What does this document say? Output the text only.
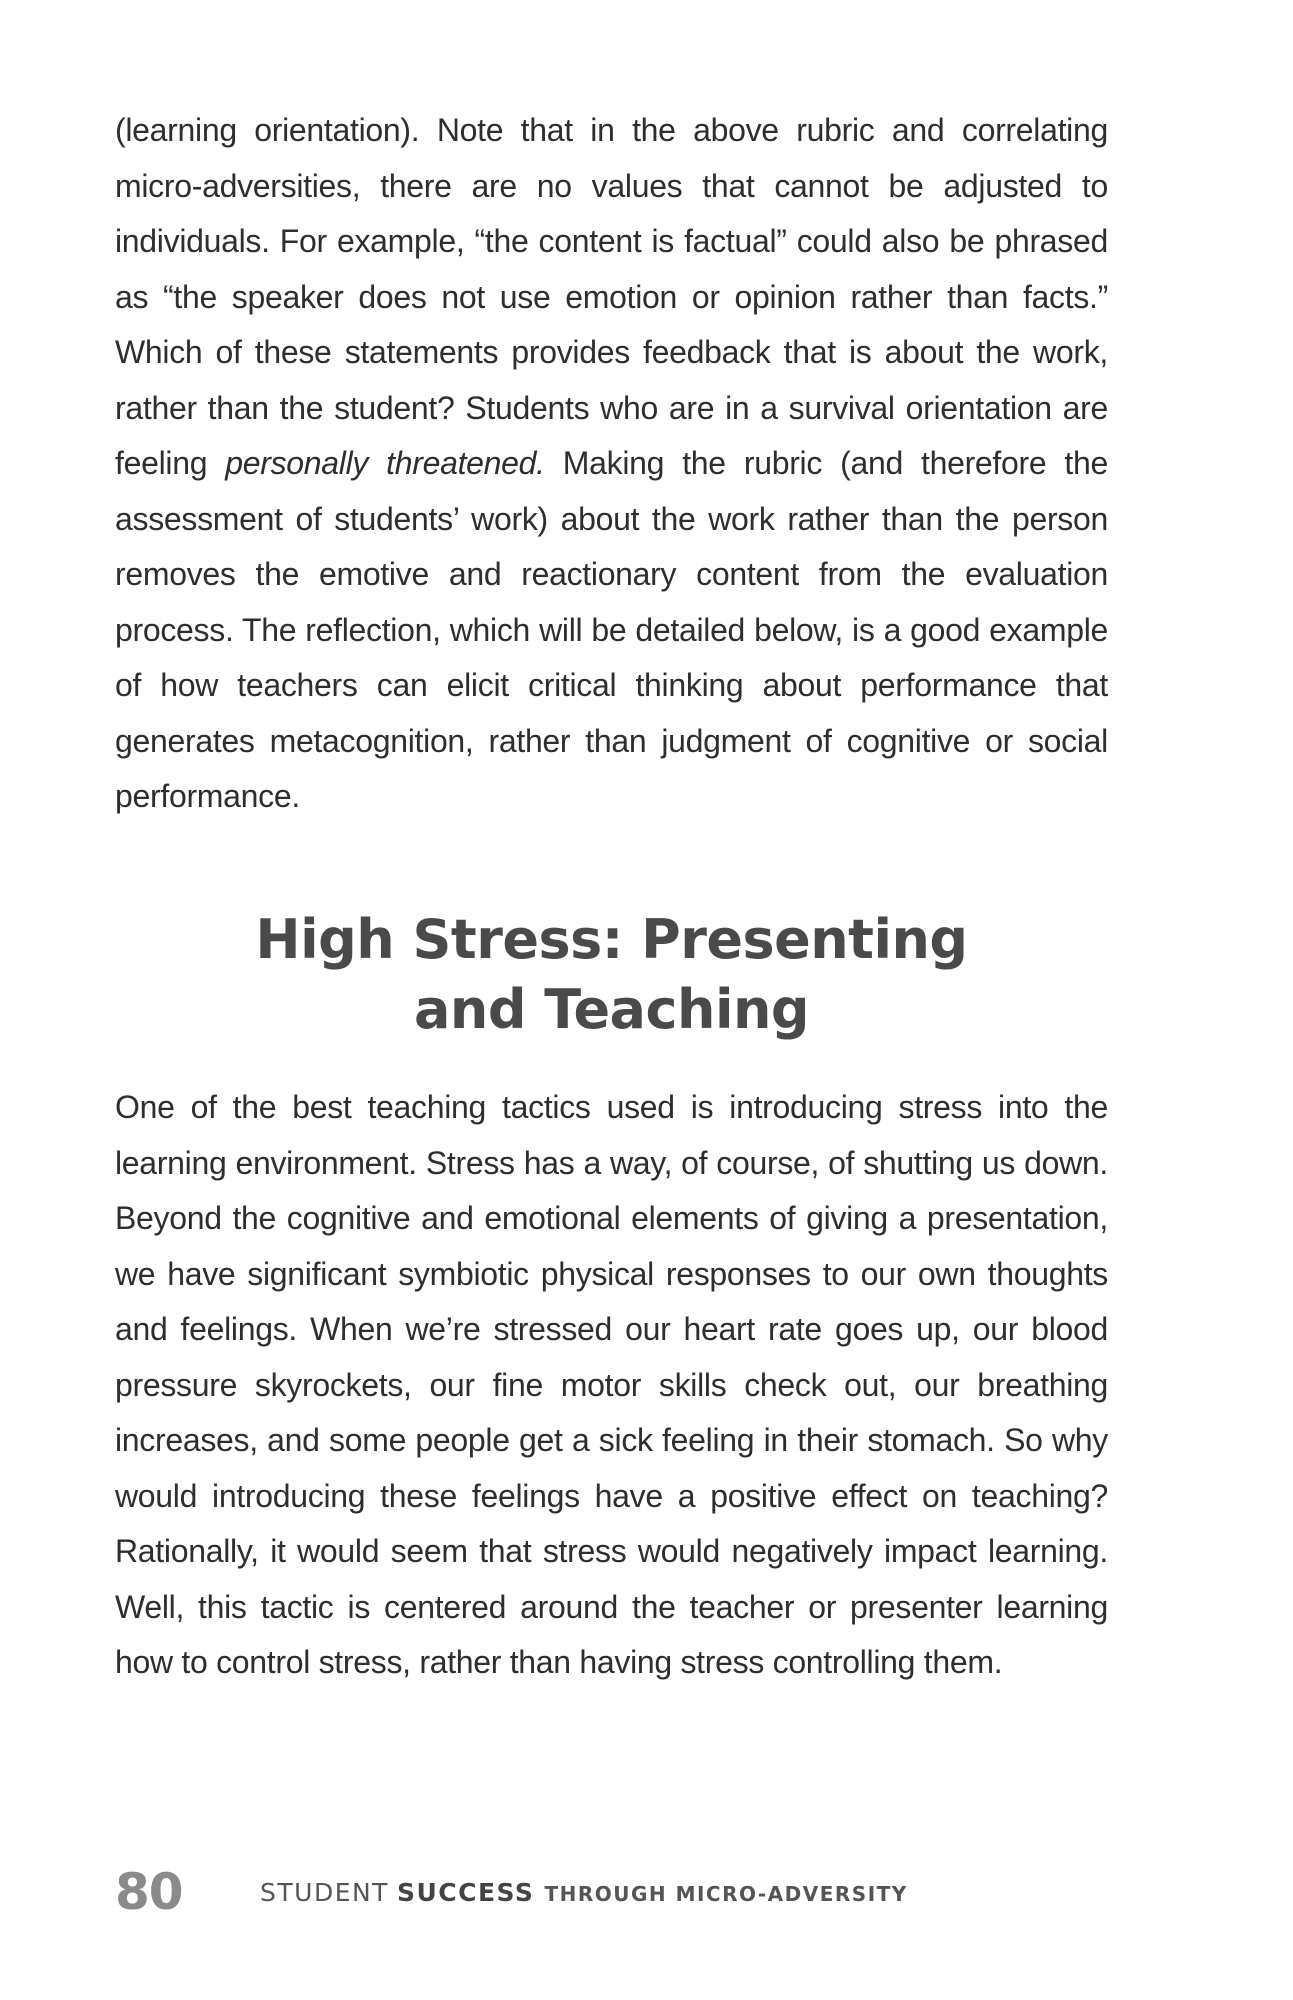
(learning orientation). Note that in the above rubric and correlating micro-adversities, there are no values that cannot be adjusted to individuals. For example, “the content is factual” could also be phrased as “the speaker does not use emotion or opinion rather than facts.” Which of these statements provides feedback that is about the work, rather than the student? Students who are in a survival orientation are feeling personally threatened. Making the rubric (and therefore the assessment of students’ work) about the work rather than the person removes the emotive and reactionary content from the evaluation process. The reflection, which will be detailed below, is a good example of how teachers can elicit critical thinking about performance that generates metacognition, rather than judgment of cognitive or social performance.

High Stress: Presenting
and Teaching

One of the best teaching tactics used is introducing stress into the learning environment. Stress has a way, of course, of shutting us down. Beyond the cognitive and emotional elements of giving a presentation, we have significant symbiotic physical responses to our own thoughts and feelings. When we’re stressed our heart rate goes up, our blood pressure skyrockets, our fine motor skills check out, our breathing increases, and some people get a sick feeling in their stomach. So why would introducing these feelings have a positive effect on teaching? Rationally, it would seem that stress would negatively impact learning. Well, this tactic is centered around the teacher or presenter learning how to control stress, rather than having stress controlling them.

80	STUDENT SUCCESS THROUGH MICRO-ADVERSITY
